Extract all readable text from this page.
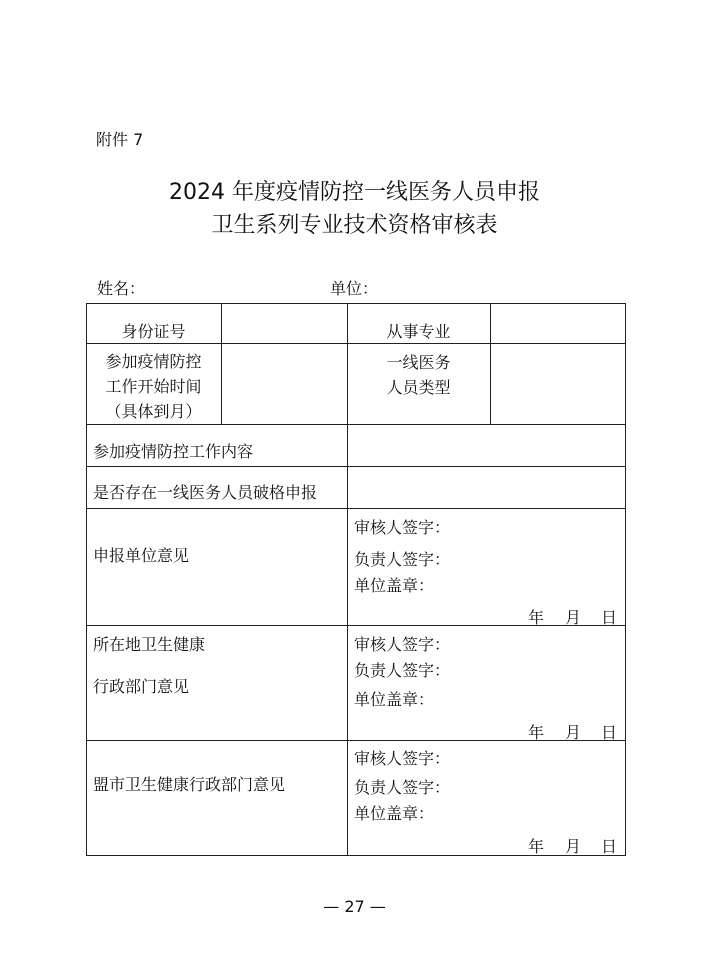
附件 7
2024 年度疫情防控一线医务人员申报
卫生系列专业技术资格审核表
姓名：	单位：
身份证号	从事专业
参加疫情防控
工作开始时间
（具体到月）
一线医务
人员类型
参加疫情防控工作内容
是否存在一线医务人员破格申报
申报单位意见
审核人签字：
负责人签字：
单位盖章：
年 月 日
所在地卫生健康
行政部门意见
审核人签字：
负责人签字：
单位盖章：
年 月 日
盟市卫生健康行政部门意见
审核人签字：
负责人签字：
单位盖章：
年 月 日
— 27 —
